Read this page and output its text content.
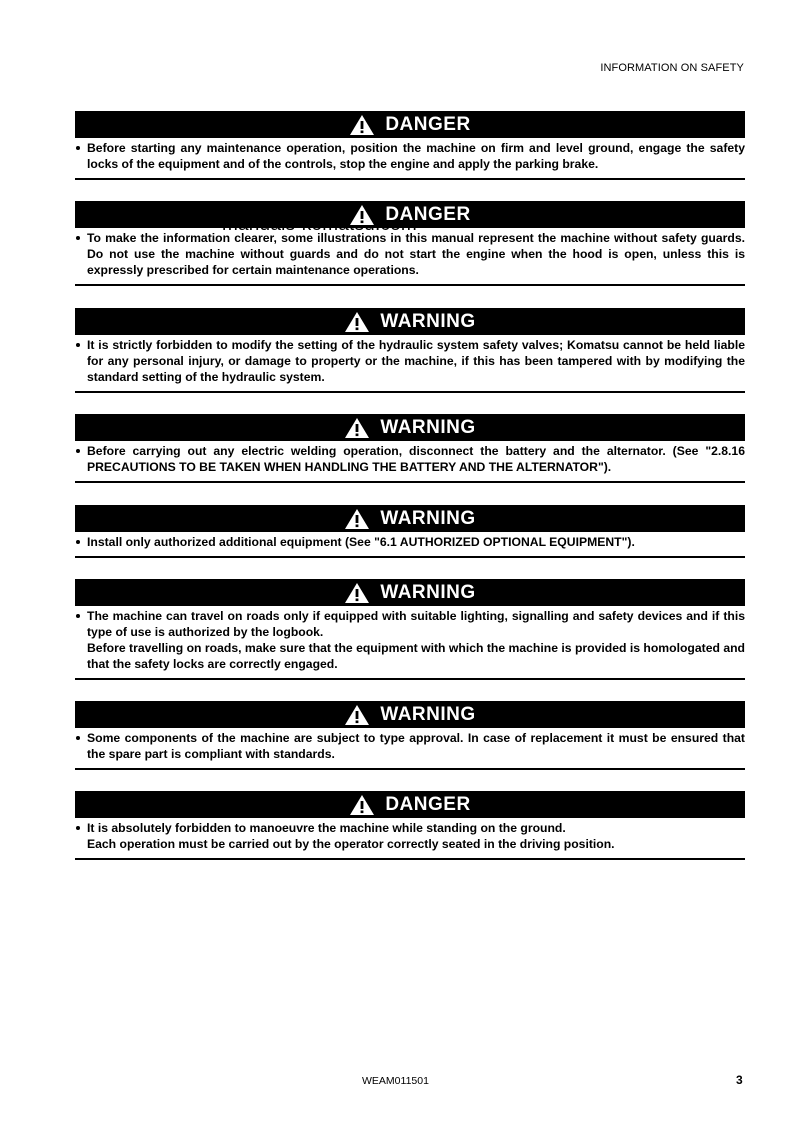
INFORMATION ON SAFETY
DANGER

Before starting any maintenance operation, position the machine on firm and level ground, engage the safety locks of the equipment and of the controls, stop the engine and apply the parking brake.

DANGER

To make the information clearer, some illustrations in this manual represent the machine without safety guards. Do not use the machine without guards and do not start the engine when the hood is open, unless this is expressly prescribed for certain maintenance operations.

WARNING

It is strictly forbidden to modify the setting of the hydraulic system safety valves; Komatsu cannot be held liable for any personal injury, or damage to property or the machine, if this has been tampered with by modifying the standard setting of the hydraulic system.

WARNING

Before carrying out any electric welding operation, disconnect the battery and the alternator. (See "2.8.16 PRECAUTIONS TO BE TAKEN WHEN HANDLING THE BATTERY AND THE ALTERNATOR").

WARNING

Install only authorized additional equipment (See "6.1 AUTHORIZED OPTIONAL EQUIPMENT").

WARNING

The machine can travel on roads only if equipped with suitable lighting, signalling and safety devices and if this type of use is authorized by the logbook.

Before travelling on roads, make sure that the equipment with which the machine is provided is homologated and that the safety locks are correctly engaged.

WARNING

Some components of the machine are subject to type approval. In case of replacement it must be ensured that the spare part is compliant with standards.

DANGER

It is absolutely forbidden to manoeuvre the machine while standing on the ground.

Each operation must be carried out by the operator correctly seated in the driving position.

WEAM011501	3
